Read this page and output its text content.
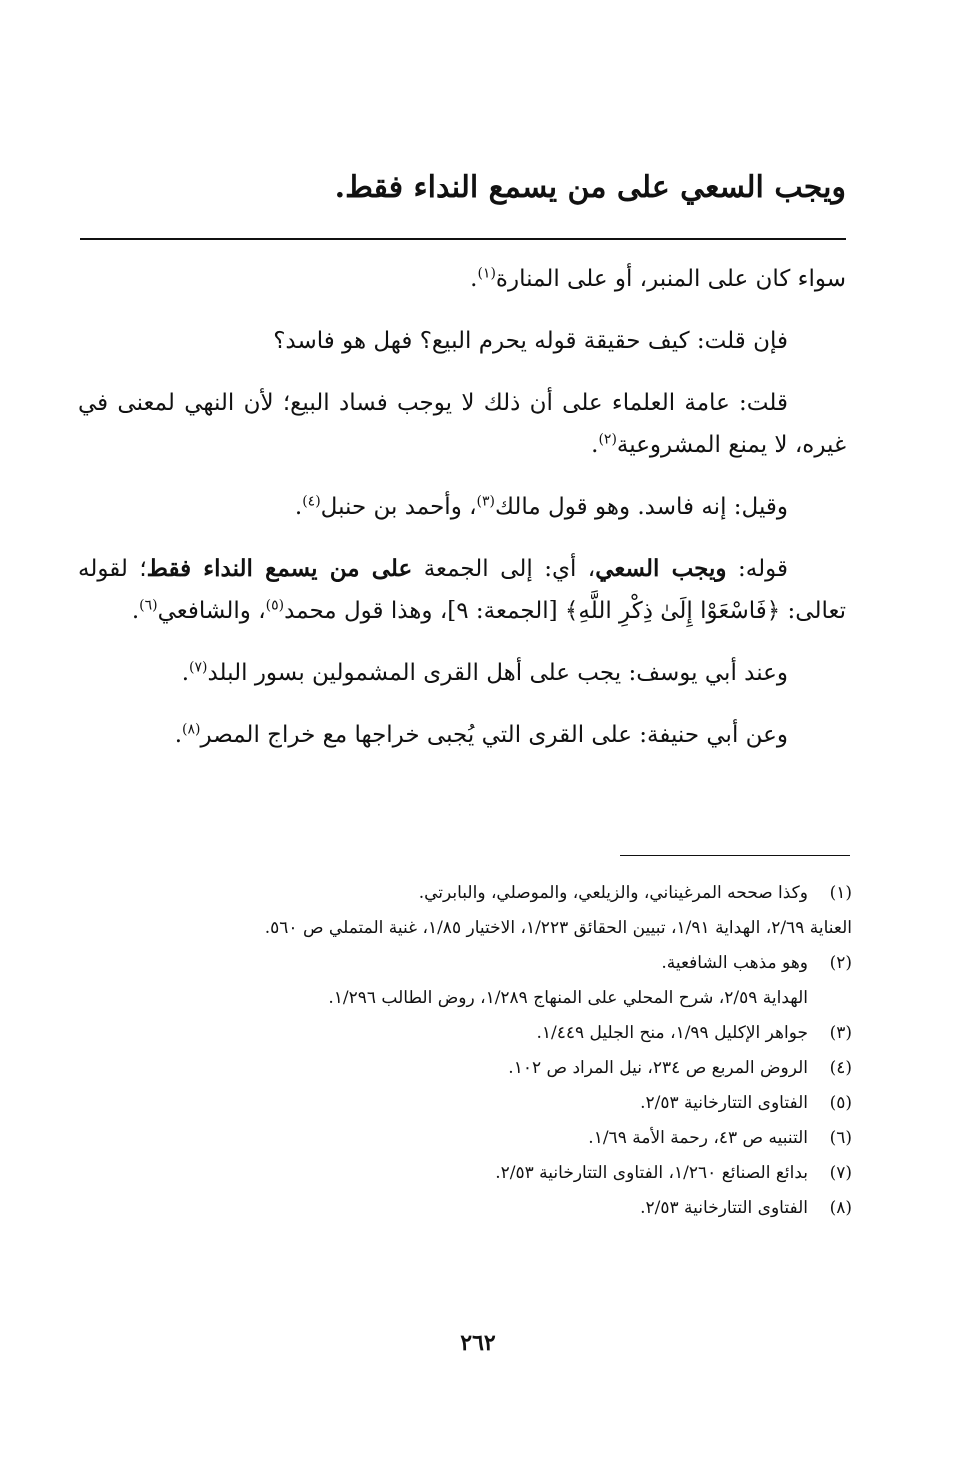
ويجب السعي على من يسمع النداء فقط.

سواء كان على المنبر، أو على المنارة$^{(١)}$.

فإن قلت: كيف حقيقة قوله يحرم البيع؟ فهل هو فاسد؟

قلت: عامة العلماء على أن ذلك لا يوجب فساد البيع؛ لأن النهي لمعنى في غيره، لا يمنع المشروعية$^{(٢)}$.

وقيل: إنه فاسد. وهو قول مالك$^{(٣)}$، وأحمد بن حنبل$^{(٤)}$.

قوله: ويجب السعي، أي: إلى الجمعة على من يسمع النداء فقط؛ لقوله تعالى: ﴿فَاسْعَوْا إِلَىٰ ذِكْرِ اللَّهِ﴾ [الجمعة: ٩]، وهذا قول محمد$^{(٥)}$، والشافعي$^{(٦)}$.

وعند أبي يوسف: يجب على أهل القرى المشمولين بسور البلد$^{(٧)}$.

وعن أبي حنيفة: على القرى التي يُجبى خراجها مع خراج المصر$^{(٨)}$.

(١)
وكذا صححه المرغيناني، والزيلعي، والموصلي، والبابرتي.
العناية ٢/٦٩، الهداية ١/٩١، تبيين الحقائق ١/٢٢٣، الاختيار ١/٨٥، غنية المتملي ص ٥٦٠.
(٢)
وهو مذهب الشافعية.
الهداية ٢/٥٩، شرح المحلي على المنهاج ١/٢٨٩، روض الطالب ١/٢٩٦.
(٣)
جواهر الإكليل ١/٩٩، منح الجليل ١/٤٤٩.
(٤)
الروض المربع ص ٢٣٤، نيل المراد ص ١٠٢.
(٥)
الفتاوى التتارخانية ٢/٥٣.
(٦)
التنبيه ص ٤٣، رحمة الأمة ١/٦٩.
(٧)
بدائع الصنائع ١/٢٦٠، الفتاوى التتارخانية ٢/٥٣.
(٨)
الفتاوى التتارخانية ٢/٥٣.
٢٦٢
